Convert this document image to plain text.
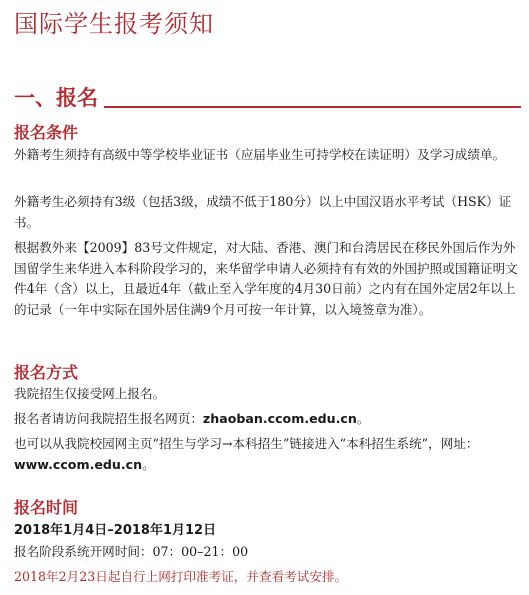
国际学生报考须知
一、报名
报名条件
外籍考生须持有高级中等学校毕业证书（应届毕业生可持学校在读证明）及学习成绩单。
外籍考生必须持有3级（包括3级，成绩不低于180分）以上中国汉语水平考试（HSK）证书。
根据教外来【2009】83号文件规定，对大陆、香港、澳门和台湾居民在移民外国后作为外国留学生来华进入本科阶段学习的，来华留学申请人必须持有有效的外国护照或国籍证明文件4年（含）以上，且最近4年（截止至入学年度的4月30日前）之内有在国外定居2年以上的记录（一年中实际在国外居住满9个月可按一年计算，以入境签章为准）。
报名方式
我院招生仅接受网上报名。
报名者请访问我院招生报名网页：zhaoban.ccom.edu.cn。
也可以从我院校园网主页“招生与学习→本科招生”链接进入“本科招生系统”，网址：www.ccom.edu.cn。
报名时间
2018年1月4日–2018年1月12日
报名阶段系统开网时间：07：00–21：00
2018年2月23日起自行上网打印准考证，并查看考试安排。
